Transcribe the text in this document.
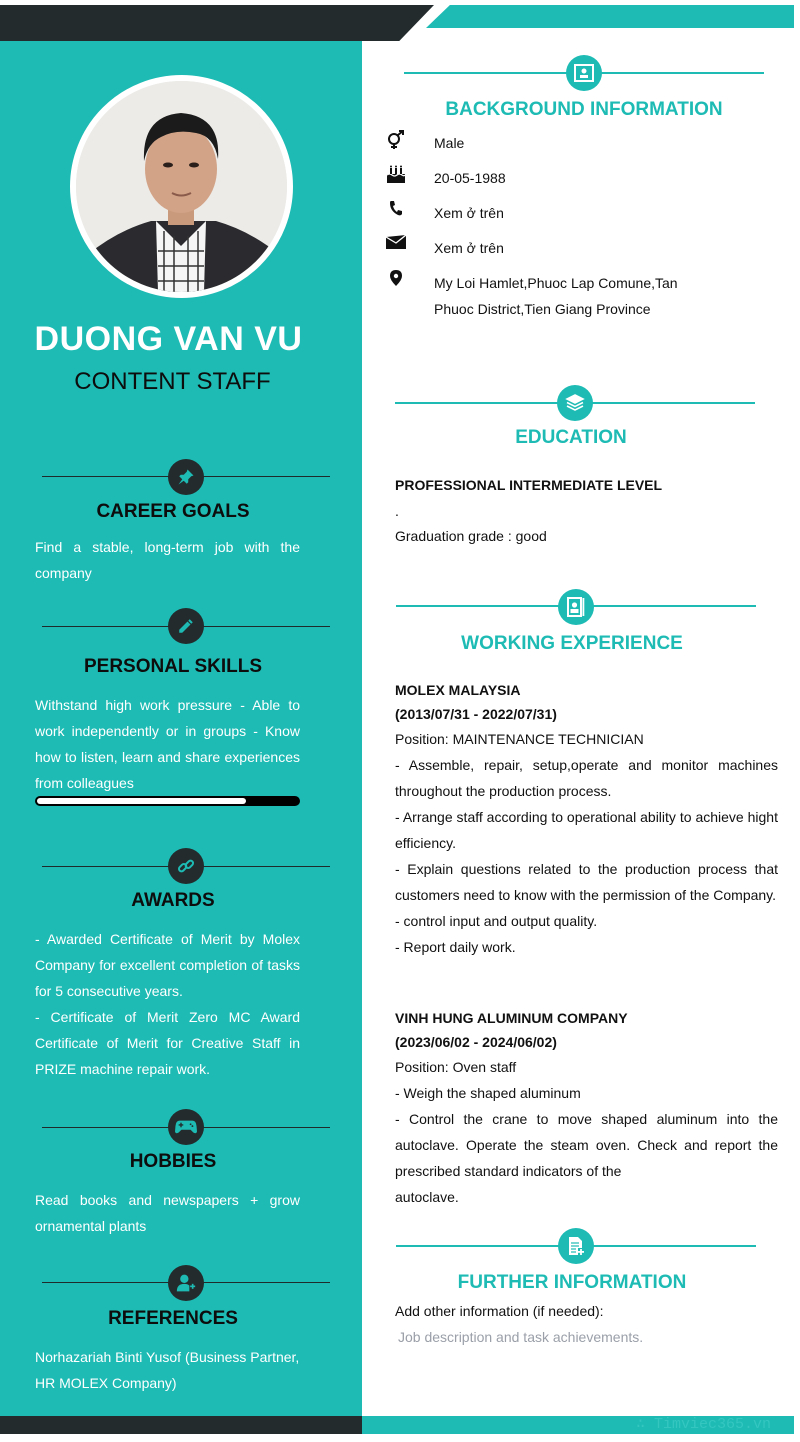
DUONG VAN VU
CONTENT STAFF
CAREER GOALS
Find a stable, long-term job with the company
PERSONAL SKILLS
Withstand high work pressure - Able to work independently or in groups - Know how to listen, learn and share experiences from colleagues
AWARDS
- Awarded Certificate of Merit by Molex Company for excellent completion of tasks for 5 consecutive years.
- Certificate of Merit Zero MC Award Certificate of Merit for Creative Staff in PRIZE machine repair work.
HOBBIES
Read books and newspapers + grow ornamental plants
REFERENCES
Norhazariah Binti Yusof (Business Partner, HR MOLEX Company)
BACKGROUND INFORMATION
Male
20-05-1988
Xem ở trên
Xem ở trên
My Loi Hamlet,Phuoc Lap Comune,Tan Phuoc District,Tien Giang Province
EDUCATION
PROFESSIONAL INTERMEDIATE LEVEL
.
Graduation grade : good
WORKING EXPERIENCE
MOLEX MALAYSIA
(2013/07/31 - 2022/07/31)
Position: MAINTENANCE TECHNICIAN
- Assemble, repair, setup,operate and monitor machines throughout the production process.
- Arrange staff according to operational ability to achieve hight efficiency.
- Explain questions related to the production process that customers need to know with the permission of the Company.
- control input and output quality.
- Report daily work.
VINH HUNG ALUMINUM COMPANY
(2023/06/02 - 2024/06/02)
Position: Oven staff
- Weigh the shaped aluminum
- Control the crane to move shaped aluminum into the autoclave. Operate the steam oven. Check and report the prescribed standard indicators of the
autoclave.
FURTHER INFORMATION
Add other information (if needed):
Job description and task achievements.
∴ Timviec365.vn
